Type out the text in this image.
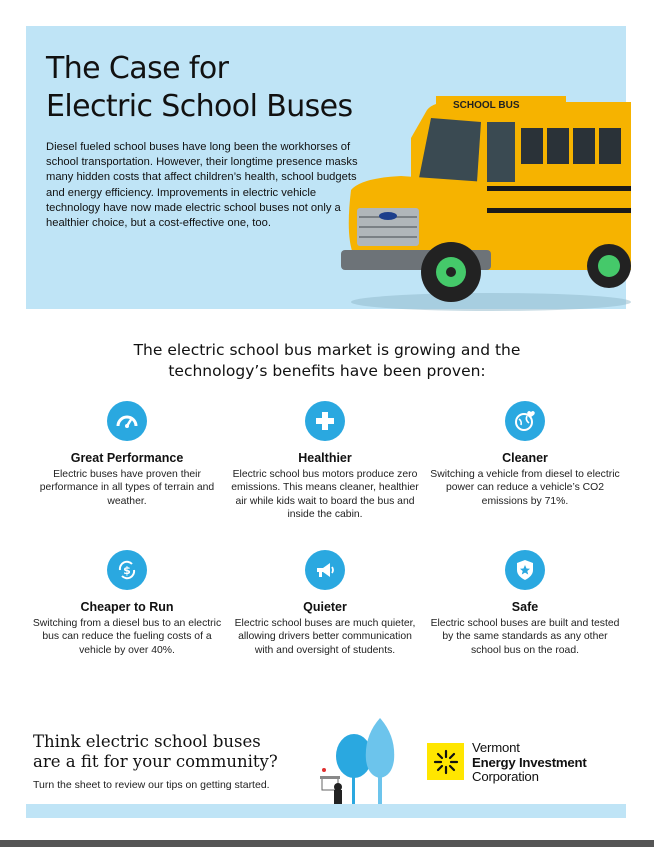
The Case for
Electric School Buses

Diesel fueled school buses have long been the workhorses of school transportation. However, their longtime presence masks many hidden costs that affect children’s health, school budgets and energy efficiency. Improvements in electric vehicle technology have now made electric school buses not only a healthier choice, but a cost-effective one, too.

SCHOOL BUS
The electric school bus market is growing and the
technology’s benefits have been proven:
Great Performance
Electric buses have proven their performance in all types of terrain and weather.
Healthier
Electric school bus motors produce zero emissions. This means cleaner, healthier air while kids wait to board the bus and inside the cabin.
Cleaner
Switching a vehicle from diesel to electric power can reduce a vehicle’s CO2 emissions by 71%.
$
Cheaper to Run
Switching from a diesel bus to an electric bus can reduce the fueling costs of a vehicle by over 40%.
Quieter
Electric school buses are much quieter, allowing drivers better communication with and oversight of students.
Safe
Electric school buses are built and tested by the same standards as any other school bus on the road.
Think electric school buses
are a fit for your community?
Turn the sheet to review our tips on getting started.
Vermont
Energy Investment
Corporation
